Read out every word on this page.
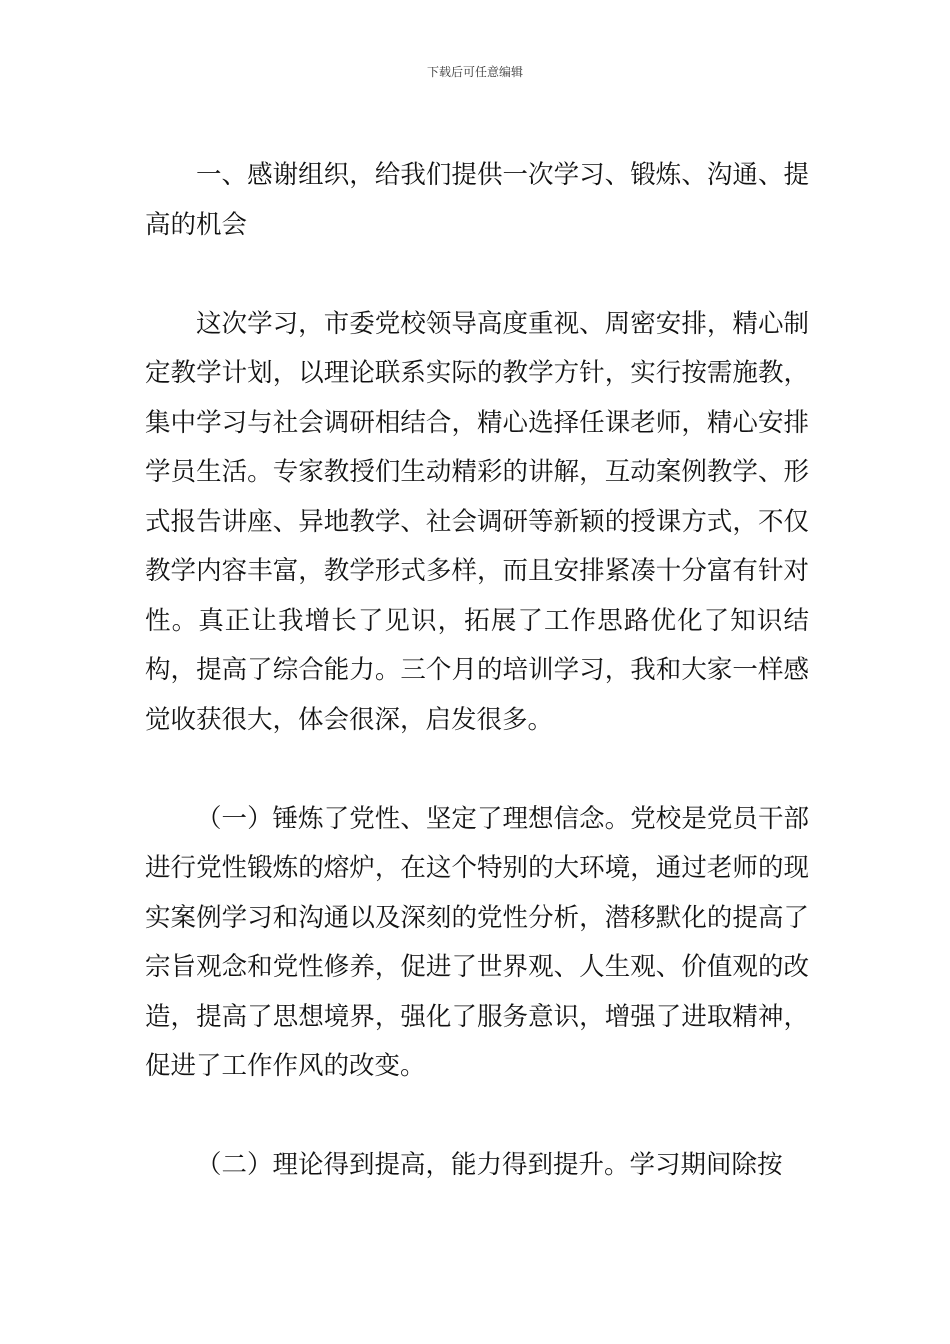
下载后可任意编辑

一、感谢组织，给我们提供一次学习、锻炼、沟通、提高的机会

这次学习，市委党校领导高度重视、周密安排，精心制定教学计划，以理论联系实际的教学方针，实行按需施教，集中学习与社会调研相结合，精心选择任课老师，精心安排学员生活。专家教授们生动精彩的讲解，互动案例教学、形式报告讲座、异地教学、社会调研等新颖的授课方式，不仅教学内容丰富，教学形式多样，而且安排紧凑十分富有针对性。真正让我增长了见识，拓展了工作思路优化了知识结构，提高了综合能力。三个月的培训学习，我和大家一样感觉收获很大，体会很深，启发很多。

（一）锤炼了党性、坚定了理想信念。党校是党员干部进行党性锻炼的熔炉，在这个特别的大环境，通过老师的现实案例学习和沟通以及深刻的党性分析，潜移默化的提高了宗旨观念和党性修养，促进了世界观、人生观、价值观的改造，提高了思想境界，强化了服务意识，增强了进取精神，促进了工作作风的改变。

（二）理论得到提高，能力得到提升。学习期间除按
